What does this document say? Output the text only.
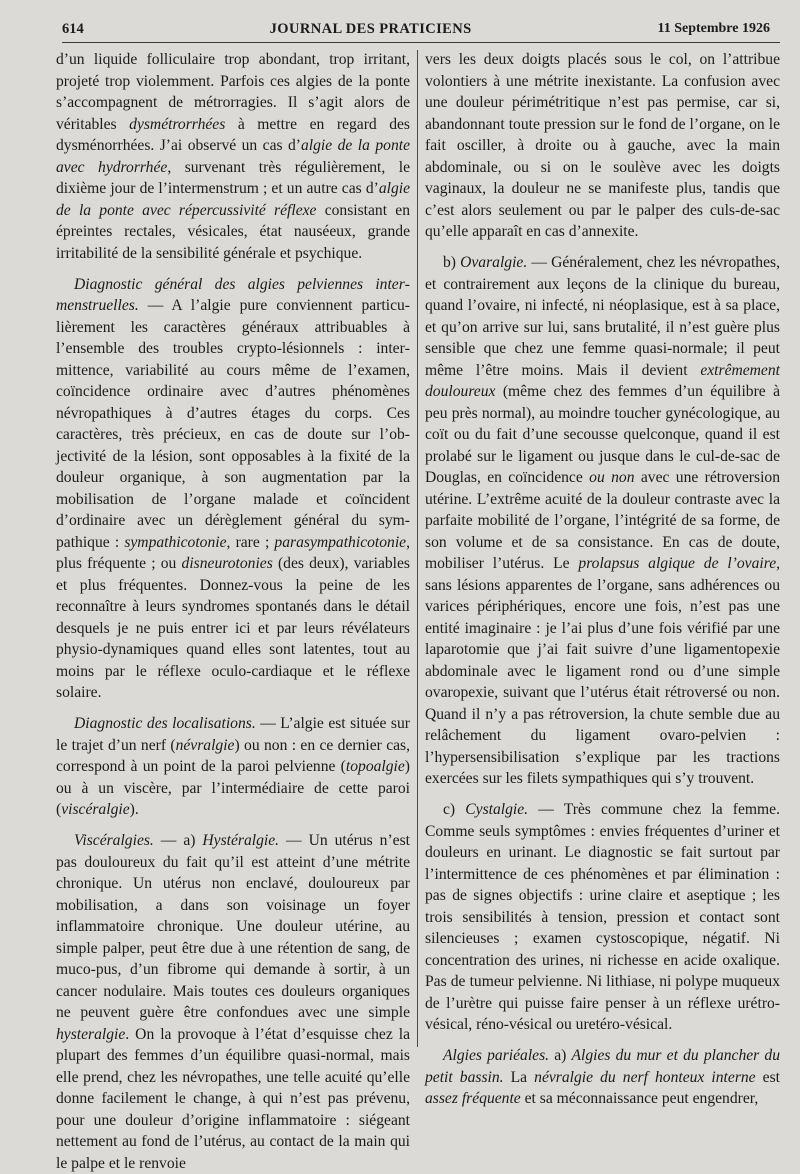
614	JOURNAL DES PRATICIENS	11 Septembre 1926

d’un liquide folliculaire trop abondant, trop irritant, projeté trop violemment. Parfois ces algies de la ponte s’accompagnent de métrorragies. Il s’agit alors de véritables dysmétrorrhées à mettre en regard des dysménorrhées. J’ai observé un cas d’algie de la ponte avec hydrorrhée, survenant très régulièrement, le dixième jour de l’intermenstrum ; et un autre cas d’algie de la ponte avec répercussivité réflexe consistant en épreintes rectales, vésicales, état nauséeux, grande irritabilité de la sensibilité générale et psychique.

Diagnostic général des algies pelviennes intermenstruelles. — A l’algie pure conviennent particulièrement les caractères généraux attribuables à l’ensemble des troubles crypto-lésionnels : intermittence, variabilité au cours même de l’examen, coïncidence ordinaire avec d’autres phénomènes névropathiques à d’autres étages du corps. Ces caractères, très précieux, en cas de doute sur l’objectivité de la lésion, sont opposables à la fixité de la douleur organique, à son augmentation par la mobilisation de l’organe malade et coïncident d’ordinaire avec un dérèglement général du sympathique : sympathicotonie, rare ; parasympathicotonie, plus fréquente ; ou disneurotonies (des deux), variables et plus fréquentes. Donnez-vous la peine de les reconnaître à leurs syndromes spontanés dans le détail desquels je ne puis entrer ici et par leurs révélateurs physio-dynamiques quand elles sont latentes, tout au moins par le réflexe oculo-cardiaque et le réflexe solaire.

Diagnostic des localisations. — L’algie est située sur le trajet d’un nerf (névralgie) ou non : en ce dernier cas, correspond à un point de la paroi pelvienne (topoalgie) ou à un viscère, par l’intermédiaire de cette paroi (viscéralgie).

Viscéralgies. — a) Hystéralgie. — Un utérus n’est pas douloureux du fait qu’il est atteint d’une métrite chronique. Un utérus non enclavé, douloureux par mobilisation, a dans son voisinage un foyer inflammatoire chronique. Une douleur utérine, au simple palper, peut être due à une rétention de sang, de muco-pus, d’un fibrome qui demande à sortir, à un cancer nodulaire. Mais toutes ces douleurs organiques ne peuvent guère être confondues avec une simple hysteralgie. On la provoque à l’état d’esquisse chez la plupart des femmes d’un équilibre quasi-normal, mais elle prend, chez les névropathes, une telle acuité qu’elle donne facilement le change, à qui n’est pas prévenu, pour une douleur d’origine inflammatoire : siégeant nettement au fond de l’utérus, au contact de la main qui le palpe et le renvoie

vers les deux doigts placés sous le col, on l’attribue volontiers à une métrite inexistante. La confusion avec une douleur périmétritique n’est pas permise, car si, abandonnant toute pression sur le fond de l’organe, on le fait osciller, à droite ou à gauche, avec la main abdominale, ou si on le soulève avec les doigts vaginaux, la douleur ne se manifeste plus, tandis que c’est alors seulement ou par le palper des culs-de-sac qu’elle apparaît en cas d’annexite.

b) Ovaralgie. — Généralement, chez les névropathes, et contrairement aux leçons de la clinique du bureau, quand l’ovaire, ni infecté, ni néoplasique, est à sa place, et qu’on arrive sur lui, sans brutalité, il n’est guère plus sensible que chez une femme quasi-normale; il peut même l’être moins. Mais il devient extrêmement douloureux (même chez des femmes d’un équilibre à peu près normal), au moindre toucher gynécologique, au coït ou du fait d’une secousse quelconque, quand il est prolabé sur le ligament ou jusque dans le cul-de-sac de Douglas, en coïncidence ou non avec une rétroversion utérine. L’extrême acuité de la douleur contraste avec la parfaite mobilité de l’organe, l’intégrité de sa forme, de son volume et de sa consistance. En cas de doute, mobiliser l’utérus. Le prolapsus algique de l’ovaire, sans lésions apparentes de l’organe, sans adhérences ou varices périphériques, encore une fois, n’est pas une entité imaginaire : je l’ai plus d’une fois vérifié par une laparotomie que j’ai fait suivre d’une ligamentopexie abdominale avec le ligament rond ou d’une simple ovaropexie, suivant que l’utérus était rétroversé ou non. Quand il n’y a pas rétroversion, la chute semble due au relâchement du ligament ovaro-pelvien : l’hypersensibilisation s’explique par les tractions exercées sur les filets sympathiques qui s’y trouvent.

c) Cystalgie. — Très commune chez la femme. Comme seuls symptômes : envies fréquentes d’uriner et douleurs en urinant. Le diagnostic se fait surtout par l’intermittence de ces phénomènes et par élimination : pas de signes objectifs : urine claire et aseptique ; les trois sensibilités à tension, pression et contact sont silencieuses ; examen cystoscopique, négatif. Ni concentration des urines, ni richesse en acide oxalique. Pas de tumeur pelvienne. Ni lithiase, ni polype muqueux de l’urètre qui puisse faire penser à un réflexe urétro-vésical, réno-vésical ou uretéro-vésical.

Algies pariéales. a) Algies du mur et du plancher du petit bassin. La névralgie du nerf honteux interne est assez fréquente et sa méconnaissance peut engendrer,
